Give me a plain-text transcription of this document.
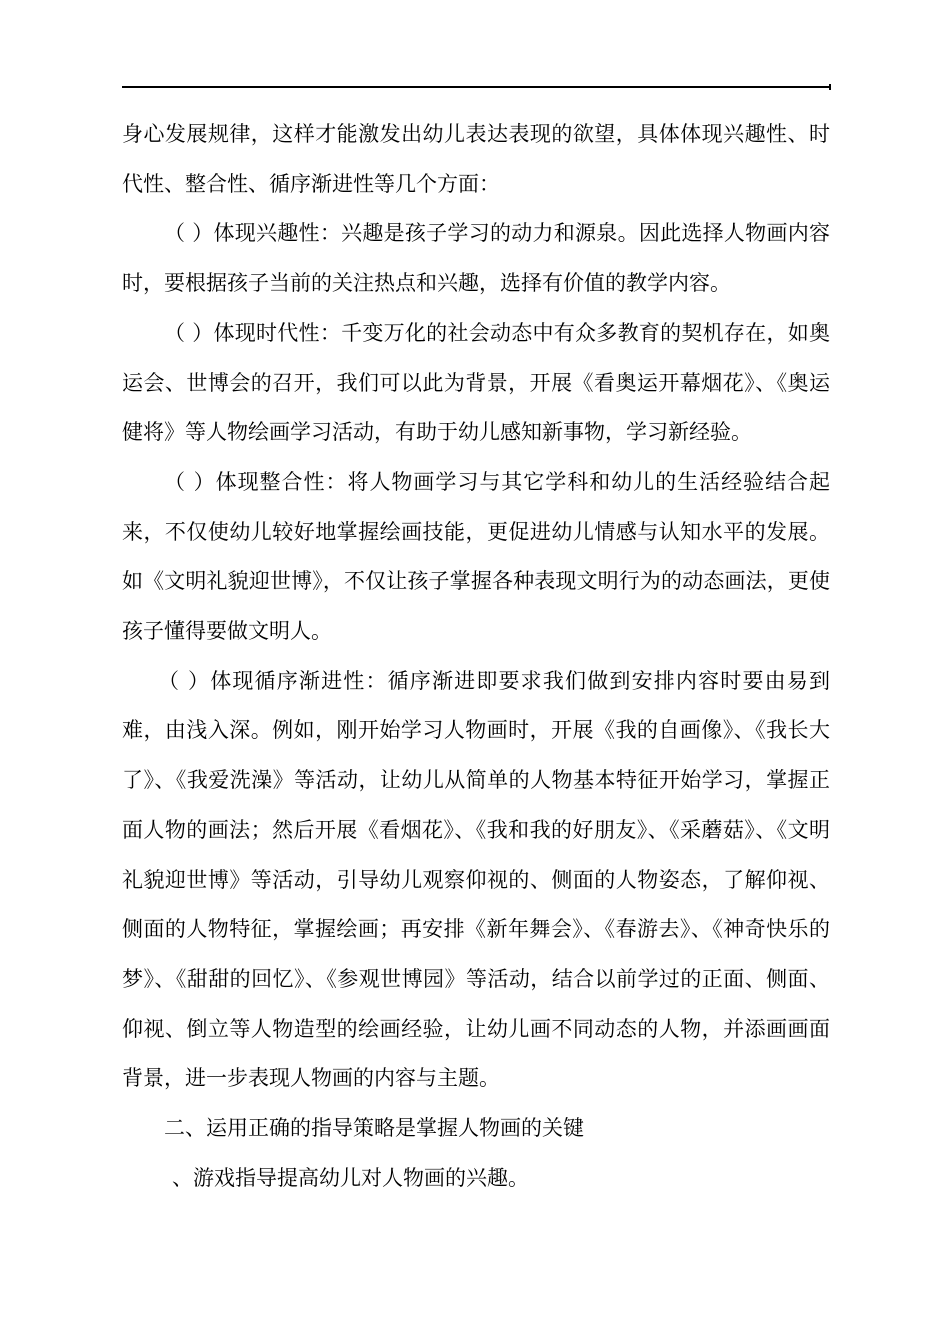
身心发展规律，这样才能激发出幼儿表达表现的欲望，具体体现兴趣性、时代性、整合性、循序渐进性等几个方面：

（ ）体现兴趣性：兴趣是孩子学习的动力和源泉。因此选择人物画内容时，要根据孩子当前的关注热点和兴趣，选择有价值的教学内容。

（ ）体现时代性：千变万化的社会动态中有众多教育的契机存在，如奥运会、世博会的召开，我们可以此为背景，开展《看奥运开幕烟花》、《奥运健将》等人物绘画学习活动，有助于幼儿感知新事物，学习新经验。

（ ）体现整合性：将人物画学习与其它学科和幼儿的生活经验结合起来，不仅使幼儿较好地掌握绘画技能，更促进幼儿情感与认知水平的发展。如《文明礼貌迎世博》，不仅让孩子掌握各种表现文明行为的动态画法，更使孩子懂得要做文明人。

（ ）体现循序渐进性：循序渐进即要求我们做到安排内容时要由易到难，由浅入深。例如，刚开始学习人物画时，开展《我的自画像》、《我长大了》、《我爱洗澡》等活动，让幼儿从简单的人物基本特征开始学习，掌握正面人物的画法；然后开展《看烟花》、《我和我的好朋友》、《采蘑菇》、《文明礼貌迎世博》等活动，引导幼儿观察仰视的、侧面的人物姿态，了解仰视、侧面的人物特征，掌握绘画；再安排《新年舞会》、《春游去》、《神奇快乐的梦》、《甜甜的回忆》、《参观世博园》等活动，结合以前学过的正面、侧面、仰视、倒立等人物造型的绘画经验，让幼儿画不同动态的人物，并添画画面背景，进一步表现人物画的内容与主题。

二、运用正确的指导策略是掌握人物画的关键

、游戏指导提高幼儿对人物画的兴趣。
